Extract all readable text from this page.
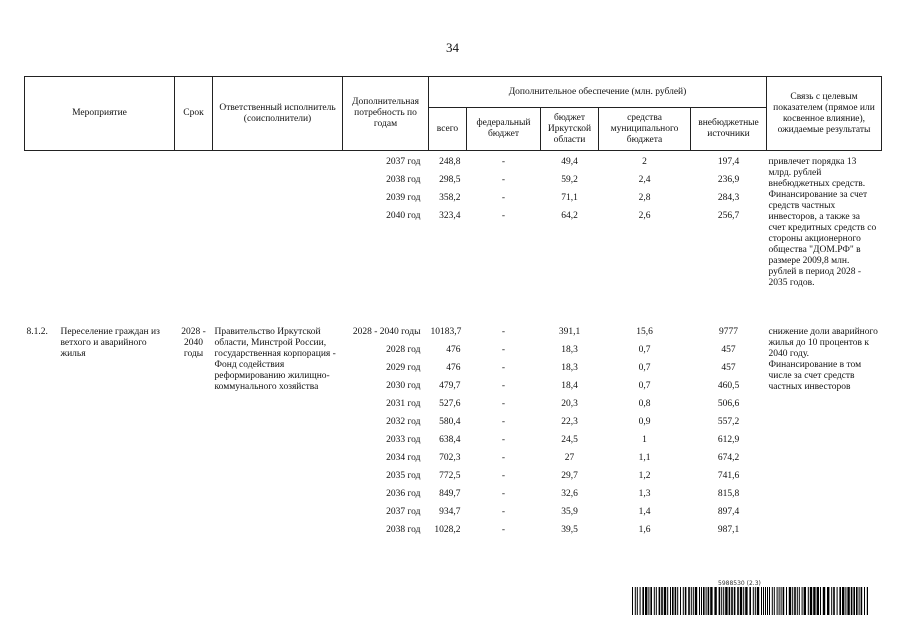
34
Мероприятие	Срок	Ответственный исполнитель (соисполнители)	Дополнительная потребность по годам	Дополнительное обеспечение (млн. рублей)					Связь с целевым показателем (прямое или косвенное влияние), ожидаемые результаты
				всего	федеральный бюджет	бюджет Иркутской области	средства муниципального бюджета	внебюджетные источники	

			2037 год	248,8	-	49,4	2	197,4	привлечет порядка 13 млрд. рублей внебюджетных средств. Финансирование за счет средств частных инвесторов, а также за счет кредитных средств со стороны акционерного общества "ДОМ.РФ" в размере 2009,8 млн. рублей в период 2028 - 2035 годов.
			2038 год	298,5	-	59,2	2,4	236,9	
			2039 год	358,2	-	71,1	2,8	284,3	
			2040 год	323,4	-	64,2	2,6	256,7	

8.1.2. Переселение граждан из ветхого и аварийного жилья	2028 - 2040 годы	Правительство Иркутской области, Минстрой России, государственная корпорация - Фонд содействия реформированию жилищно-коммунального хозяйства	2028 - 2040 годы	10183,7	-	391,1	15,6	9777	снижение доли аварийного жилья до 10 процентов к 2040 году. Финансирование в том числе за счет средств частных инвесторов
			2028 год	476	-	18,3	0,7	457	
			2029 год	476	-	18,3	0,7	457	
			2030 год	479,7	-	18,4	0,7	460,5	
			2031 год	527,6	-	20,3	0,8	506,6	
			2032 год	580,4	-	22,3	0,9	557,2	
			2033 год	638,4	-	24,5	1	612,9	
			2034 год	702,3	-	27	1,1	674,2	
			2035 год	772,5	-	29,7	1,2	741,6	
			2036 год	849,7	-	32,6	1,3	815,8	
			2037 год	934,7	-	35,9	1,4	897,4	
			2038 год	1028,2	-	39,5	1,6	987,1	
5988530 (2.3)
